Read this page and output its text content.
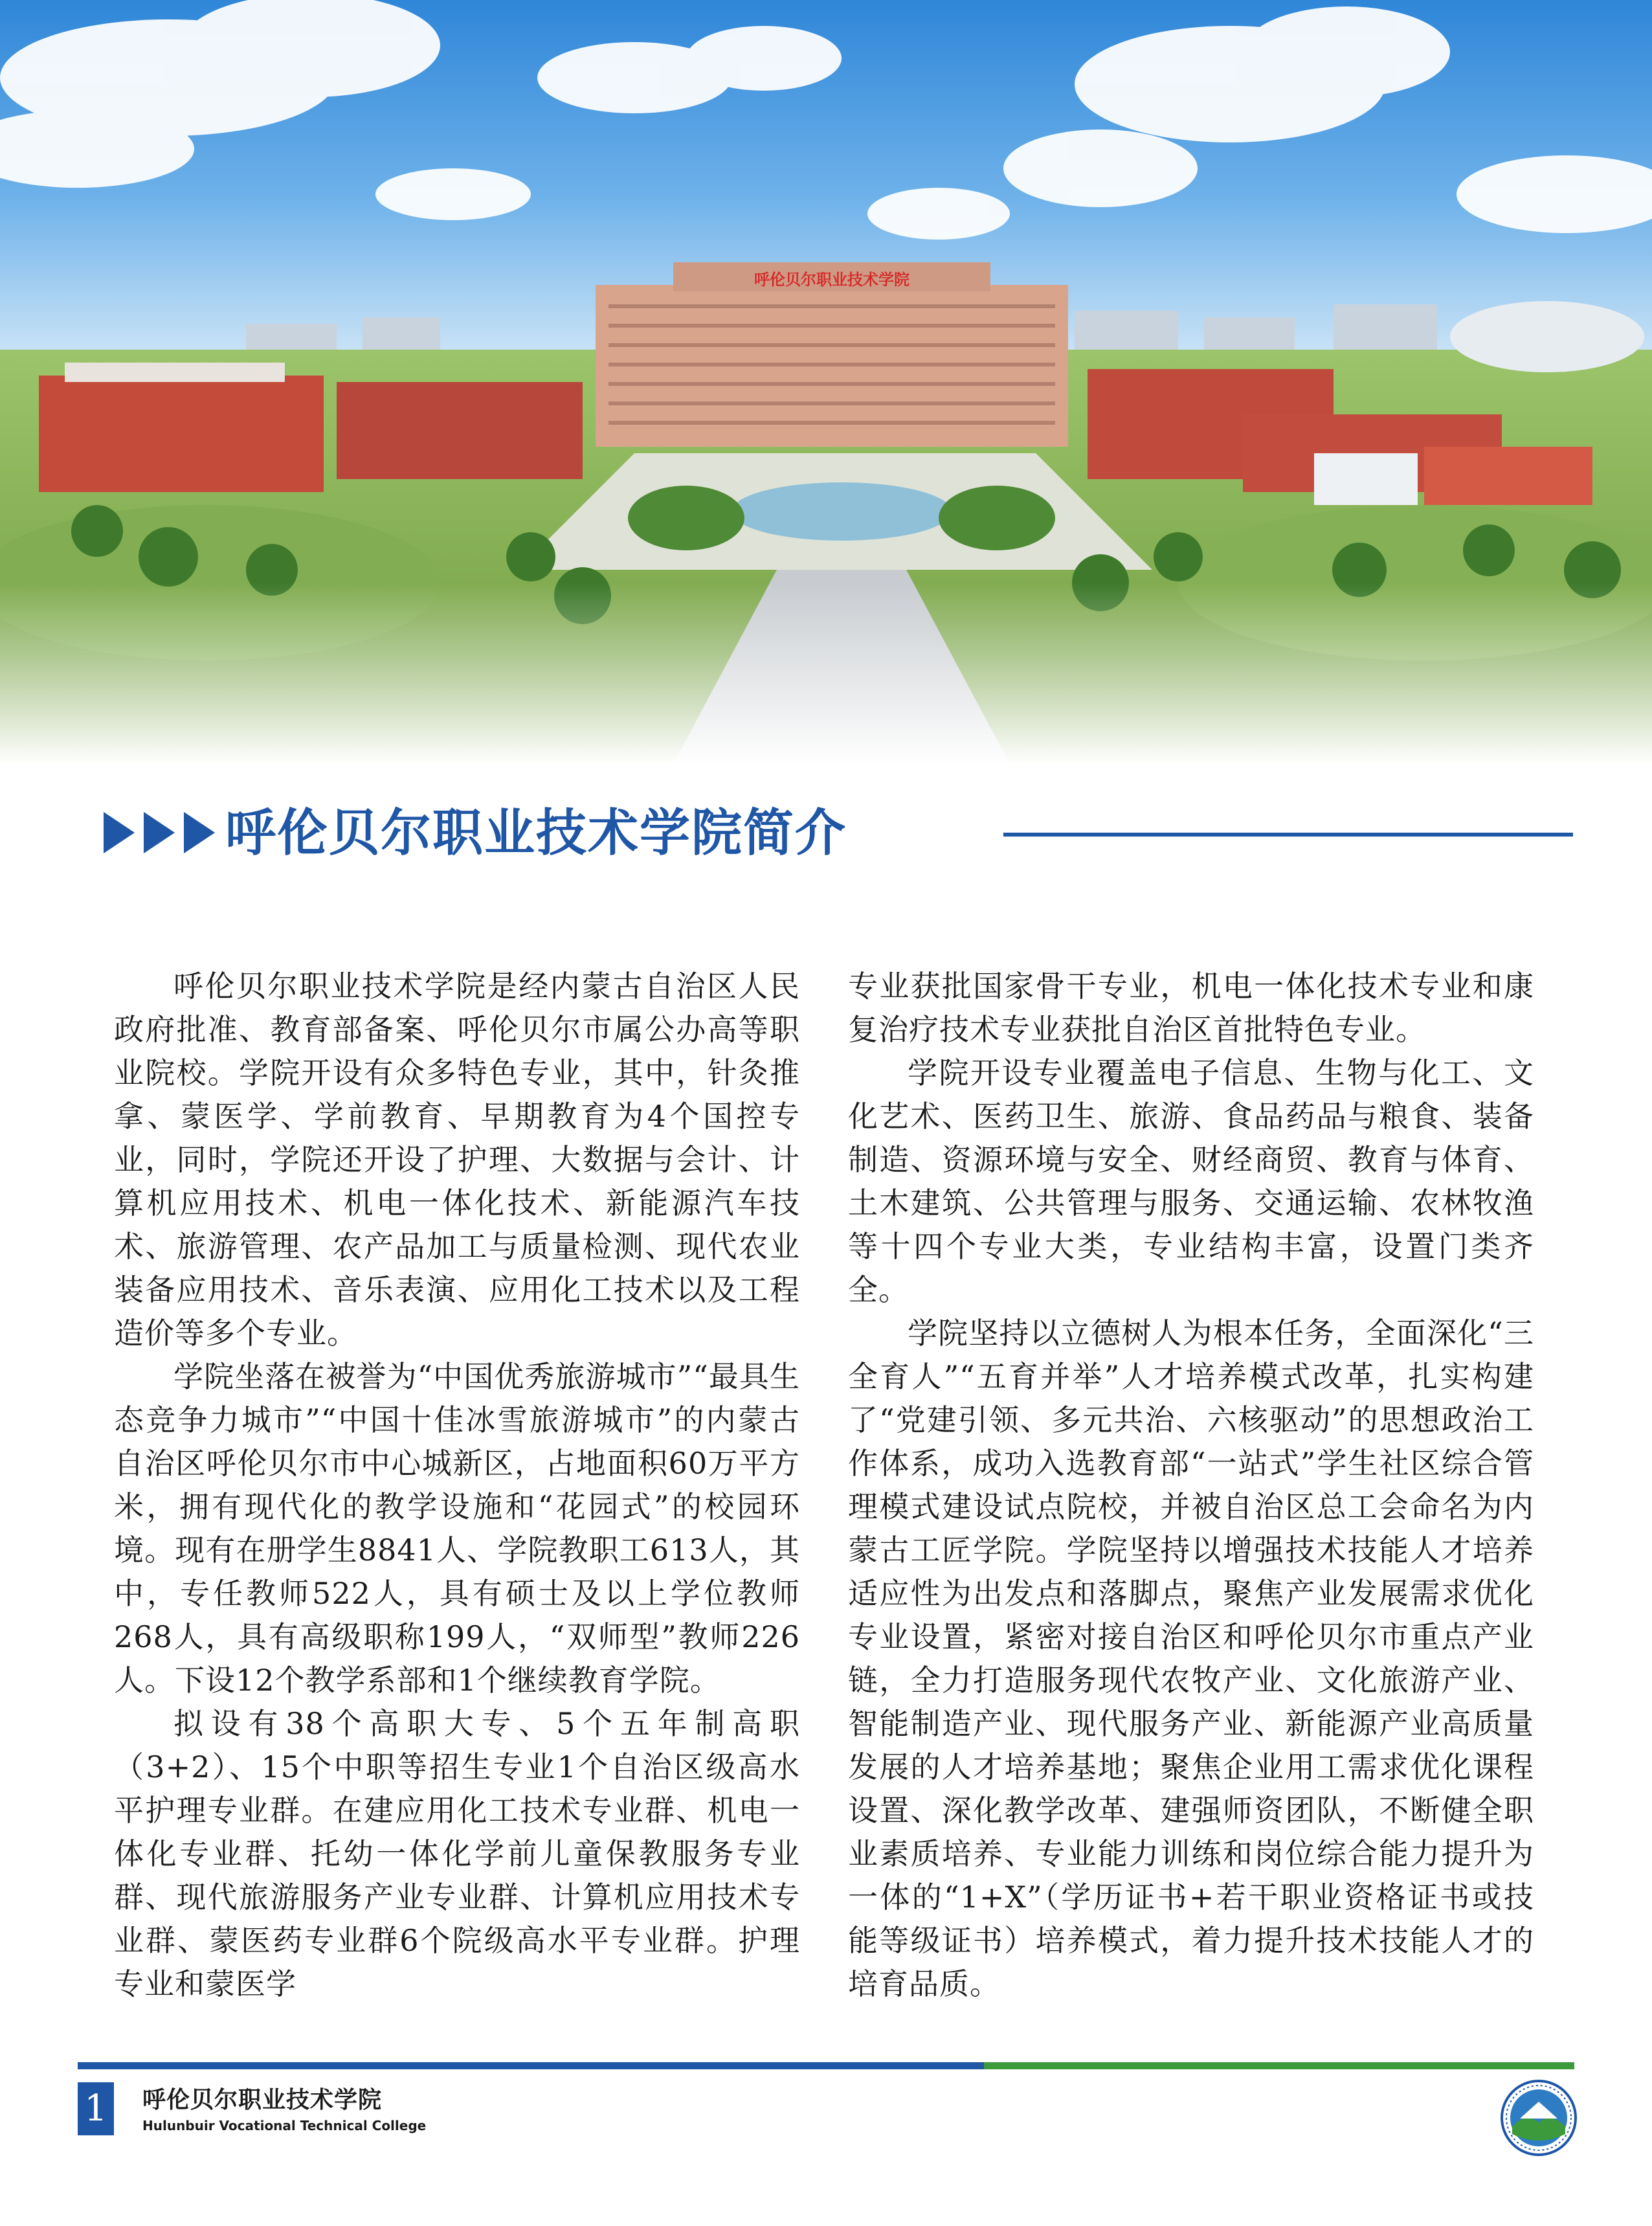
呼伦贝尔职业技术学院
呼伦贝尔职业技术学院简介

呼伦贝尔职业技术学院是经内蒙古自治区人民政府批准、教育部备案、呼伦贝尔市属公办高等职业院校。学院开设有众多特色专业，其中，针灸推拿、蒙医学、学前教育、早期教育为4个国控专业，同时，学院还开设了护理、大数据与会计、计算机应用技术、机电一体化技术、新能源汽车技术、旅游管理、农产品加工与质量检测、现代农业装备应用技术、音乐表演、应用化工技术以及工程造价等多个专业。

学院坐落在被誉为“中国优秀旅游城市”“最具生态竞争力城市”“中国十佳冰雪旅游城市”的内蒙古自治区呼伦贝尔市中心城新区，占地面积60万平方米，拥有现代化的教学设施和“花园式”的校园环境。现有在册学生8841人、学院教职工613人，其中，专任教师522人，具有硕士及以上学位教师268人，具有高级职称199人，“双师型”教师226人。下设12个教学系部和1个继续教育学院。

拟设有38个高职大专、5个五年制高职（3+2）、15个中职等招生专业1个自治区级高水平护理专业群。在建应用化工技术专业群、机电一体化专业群、托幼一体化学前儿童保教服务专业群、现代旅游服务产业专业群、计算机应用技术专业群、蒙医药专业群6个院级高水平专业群。护理专业和蒙医学

专业获批国家骨干专业，机电一体化技术专业和康复治疗技术专业获批自治区首批特色专业。

学院开设专业覆盖电子信息、生物与化工、文化艺术、医药卫生、旅游、食品药品与粮食、装备制造、资源环境与安全、财经商贸、教育与体育、土木建筑、公共管理与服务、交通运输、农林牧渔等十四个专业大类，专业结构丰富，设置门类齐全。

学院坚持以立德树人为根本任务，全面深化“三全育人”“五育并举”人才培养模式改革，扎实构建了“党建引领、多元共治、六核驱动”的思想政治工作体系，成功入选教育部“一站式”学生社区综合管理模式建设试点院校，并被自治区总工会命名为内蒙古工匠学院。学院坚持以增强技术技能人才培养适应性为出发点和落脚点，聚焦产业发展需求优化专业设置，紧密对接自治区和呼伦贝尔市重点产业链，全力打造服务现代农牧产业、文化旅游产业、智能制造产业、现代服务产业、新能源产业高质量发展的人才培养基地；聚焦企业用工需求优化课程设置、深化教学改革、建强师资团队，不断健全职业素质培养、专业能力训练和岗位综合能力提升为一体的“1+X”（学历证书+若干职业资格证书或技能等级证书）培养模式，着力提升技术技能人才的培育品质。

1 呼伦贝尔职业技术学院
Hulunbuir Vocational Technical College
